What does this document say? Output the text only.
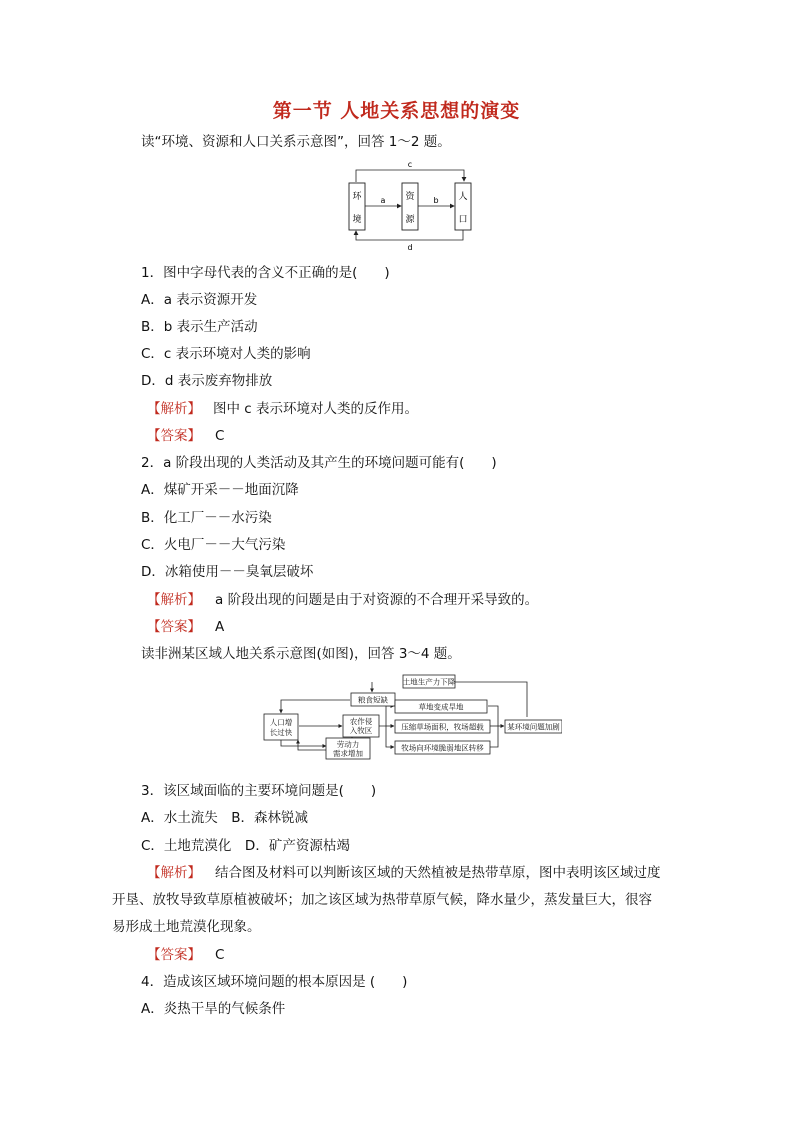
第一节 人地关系思想的演变
读“环境、资源和人口关系示意图”，回答 1～2 题。
c
环
境
资
源
人
口
a	b
d
1．图中字母代表的含义不正确的是(　　)
A．a 表示资源开发
B．b 表示生产活动
C．c 表示环境对人类的影响
D．d 表示废弃物排放
【解析】 图中 c 表示环境对人类的反作用。
【答案】 C
2．a 阶段出现的人类活动及其产生的环境问题可能有(　　)
A．煤矿开采－－地面沉降
B．化工厂－－水污染
C．火电厂－－大气污染
D．冰箱使用－－臭氧层破坏
【解析】 a 阶段出现的问题是由于对资源的不合理开采导致的。
【答案】 A
读非洲某区域人地关系示意图(如图)，回答 3～4 题。
土地生产力下降
粮食短缺
人口增
长过快
劳动力
需求增加
农作侵
入牧区
草地变成旱地
压缩草场面积，牧场超载
牧场向环境脆弱地区转移
某环境问题加剧
3．该区域面临的主要环境问题是(　　)
A．水土流失　B．森林锐减
C．土地荒漠化　D．矿产资源枯竭
【解析】 结合图及材料可以判断该区域的天然植被是热带草原，图中表明该区域过度
开垦、放牧导致草原植被破坏；加之该区域为热带草原气候，降水量少，蒸发量巨大，很容
易形成土地荒漠化现象。
【答案】 C
4．造成该区域环境问题的根本原因是 (　　)
A．炎热干旱的气候条件
